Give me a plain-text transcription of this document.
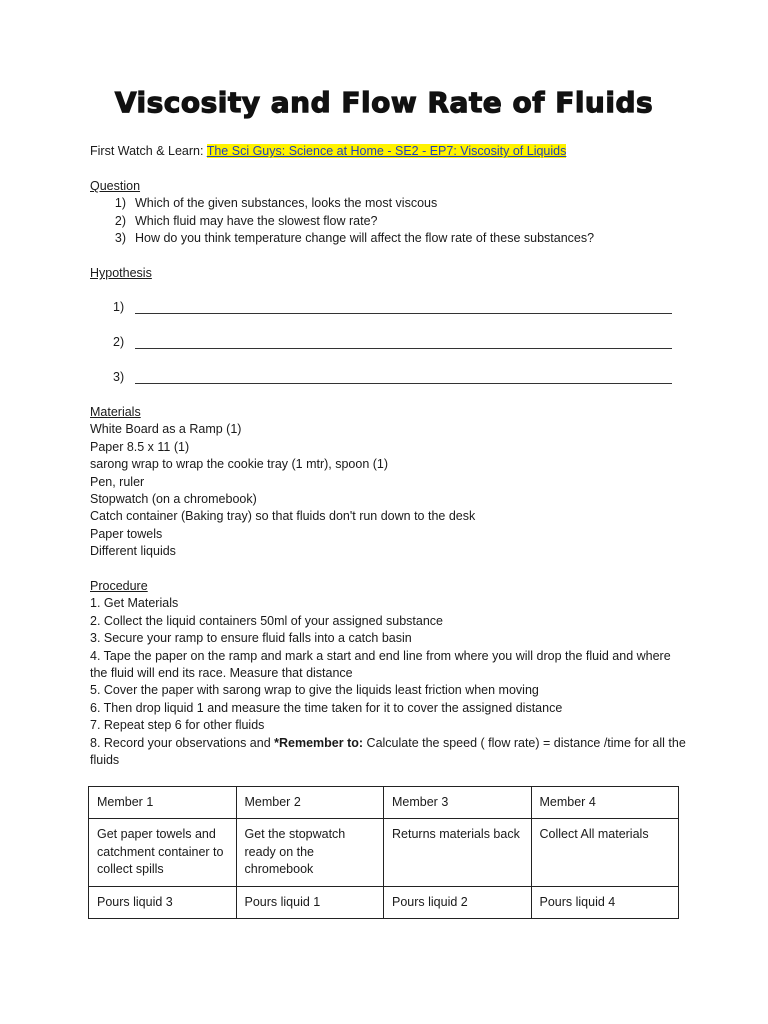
Viscosity and Flow Rate of Fluids
First Watch & Learn: The Sci Guys: Science at Home - SE2 - EP7: Viscosity of Liquids
Question
1) Which of the given substances, looks the most viscous
2) Which fluid may have the slowest flow rate?
3) How do you think temperature change will affect the flow rate of these substances?
Hypothesis
1)
2)
3)
Materials
White Board as a Ramp (1)
Paper 8.5 x 11 (1)
sarong wrap to wrap the cookie tray (1 mtr), spoon (1)
Pen, ruler
Stopwatch (on a chromebook)
Catch container (Baking tray) so that fluids don't run down to the desk
Paper towels
Different liquids
Procedure
1. Get Materials
2. Collect the liquid containers 50ml of your assigned substance
3. Secure your ramp to ensure fluid falls into a catch basin
4. Tape the paper on the ramp and mark a start and end line from where you will drop the fluid and where the fluid will end its race. Measure that distance
5. Cover the paper with sarong wrap to give the liquids least friction when moving
6. Then drop liquid 1 and measure the time taken for it to cover the assigned distance
7. Repeat step 6 for other fluids
8. Record your observations and *Remember to: Calculate the speed ( flow rate) = distance /time for all the fluids
Member 1	Member 2	Member 3	Member 4
Get paper towels and catchment container to collect spills	Get the stopwatch ready on the chromebook	Returns materials back	Collect All materials
Pours liquid 3	Pours liquid 1	Pours liquid 2	Pours liquid 4
